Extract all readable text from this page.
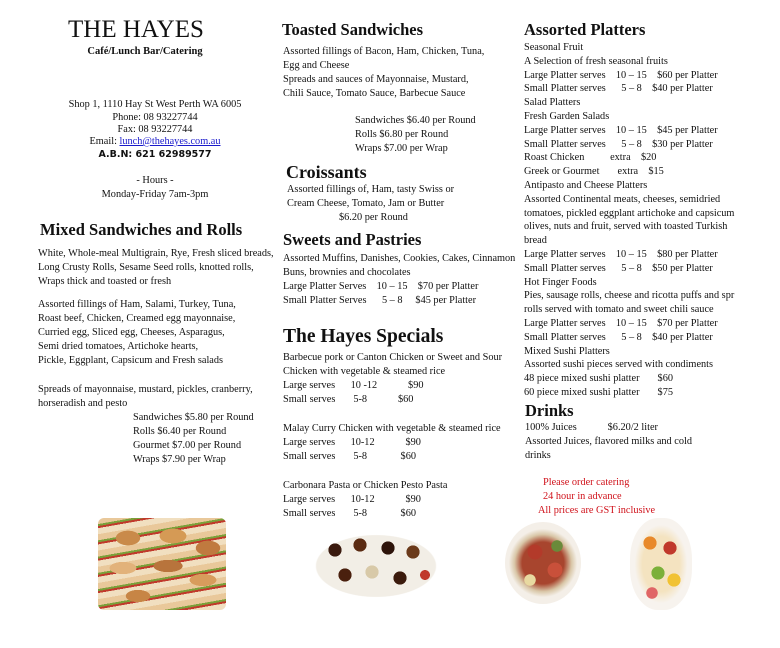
THE HAYES
Café/Lunch Bar/Catering
Shop 1, 1110 Hay St West Perth WA 6005
Phone: 08 93227744
Fax: 08 93227744
Email: lunch@thehayes.com.au
A.B.N: 621 62989577
- Hours -
Monday-Friday 7am-3pm
Mixed Sandwiches and Rolls
White, Whole-meal Multigrain, Rye, Fresh sliced breads,
Long Crusty Rolls, Sesame Seed rolls, knotted rolls,
Wraps thick and toasted or fresh
Assorted fillings of Ham, Salami, Turkey, Tuna,
Roast beef, Chicken, Creamed egg mayonnaise,
Curried egg, Sliced egg, Cheeses, Asparagus,
Semi dried tomatoes, Artichoke hearts,
Pickle, Eggplant, Capsicum and Fresh salads
Spreads of mayonnaise, mustard, pickles, cranberry,
horseradish and pesto
Sandwiches $5.80 per Round
Rolls $6.40 per Round
Gourmet $7.00 per Round
Wraps $7.90 per Wrap
Toasted Sandwiches
Assorted fillings of Bacon, Ham, Chicken, Tuna,
Egg and Cheese
Spreads and sauces of Mayonnaise, Mustard,
Chili Sauce, Tomato Sauce, Barbecue Sauce
Sandwiches $6.40 per Round
Rolls $6.80 per Round
Wraps $7.00 per Wrap
Croissants
Assorted fillings of, Ham, tasty Swiss or
Cream Cheese, Tomato, Jam or Butter
$6.20 per Round
Sweets and Pastries
Assorted Muffins, Danishes, Cookies, Cakes, Cinnamon
Buns, brownies and chocolates
Large Platter Serves    10 – 15    $70 per Platter
Small Platter Serves      5 – 8     $45 per Platter
The Hayes Specials
Barbecue pork or Canton Chicken or Sweet and Sour
Chicken with vegetable & steamed rice
Large serves      10 -12            $90
Small serves       5-8            $60
Malay Curry Chicken with vegetable & steamed rice
Large serves      10-12            $90
Small serves       5-8             $60
Carbonara Pasta or Chicken Pesto Pasta
Large serves      10-12            $90
Small serves       5-8             $60
Assorted Platters
Seasonal Fruit
A Selection of fresh seasonal fruits
Large Platter serves    10 – 15    $60 per Platter
Small Platter serves      5 – 8    $40 per Platter
Salad Platters
Fresh Garden Salads
Large Platter serves    10 – 15    $45 per Platter
Small Platter serves      5 – 8    $30 per Platter
Roast Chicken          extra    $20
Greek or Gourmet       extra    $15
Antipasto and Cheese Platters
Assorted Continental meats, cheeses, semidried
tomatoes, pickled eggplant artichoke and capsicum
olives, nuts and fruit, served with toasted Turkish
bread
Large Platter serves    10 – 15    $80 per Platter
Small Platter serves      5 – 8    $50 per Platter
Hot Finger Foods
Pies, sausage rolls, cheese and ricotta puffs and spr
rolls served with tomato and sweet chili sauce
Large Platter serves    10 – 15    $70 per Platter
Small Platter serves      5 – 8    $40 per Platter
Mixed Sushi Platters
Assorted sushi pieces served with condiments
48 piece mixed sushi platter       $60
60 piece mixed sushi platter       $75
Drinks
100% Juices            $6.20/2 liter
Assorted Juices, flavored milks and cold
drinks
Please order catering
24 hour in advance
All prices are GST inclusive
